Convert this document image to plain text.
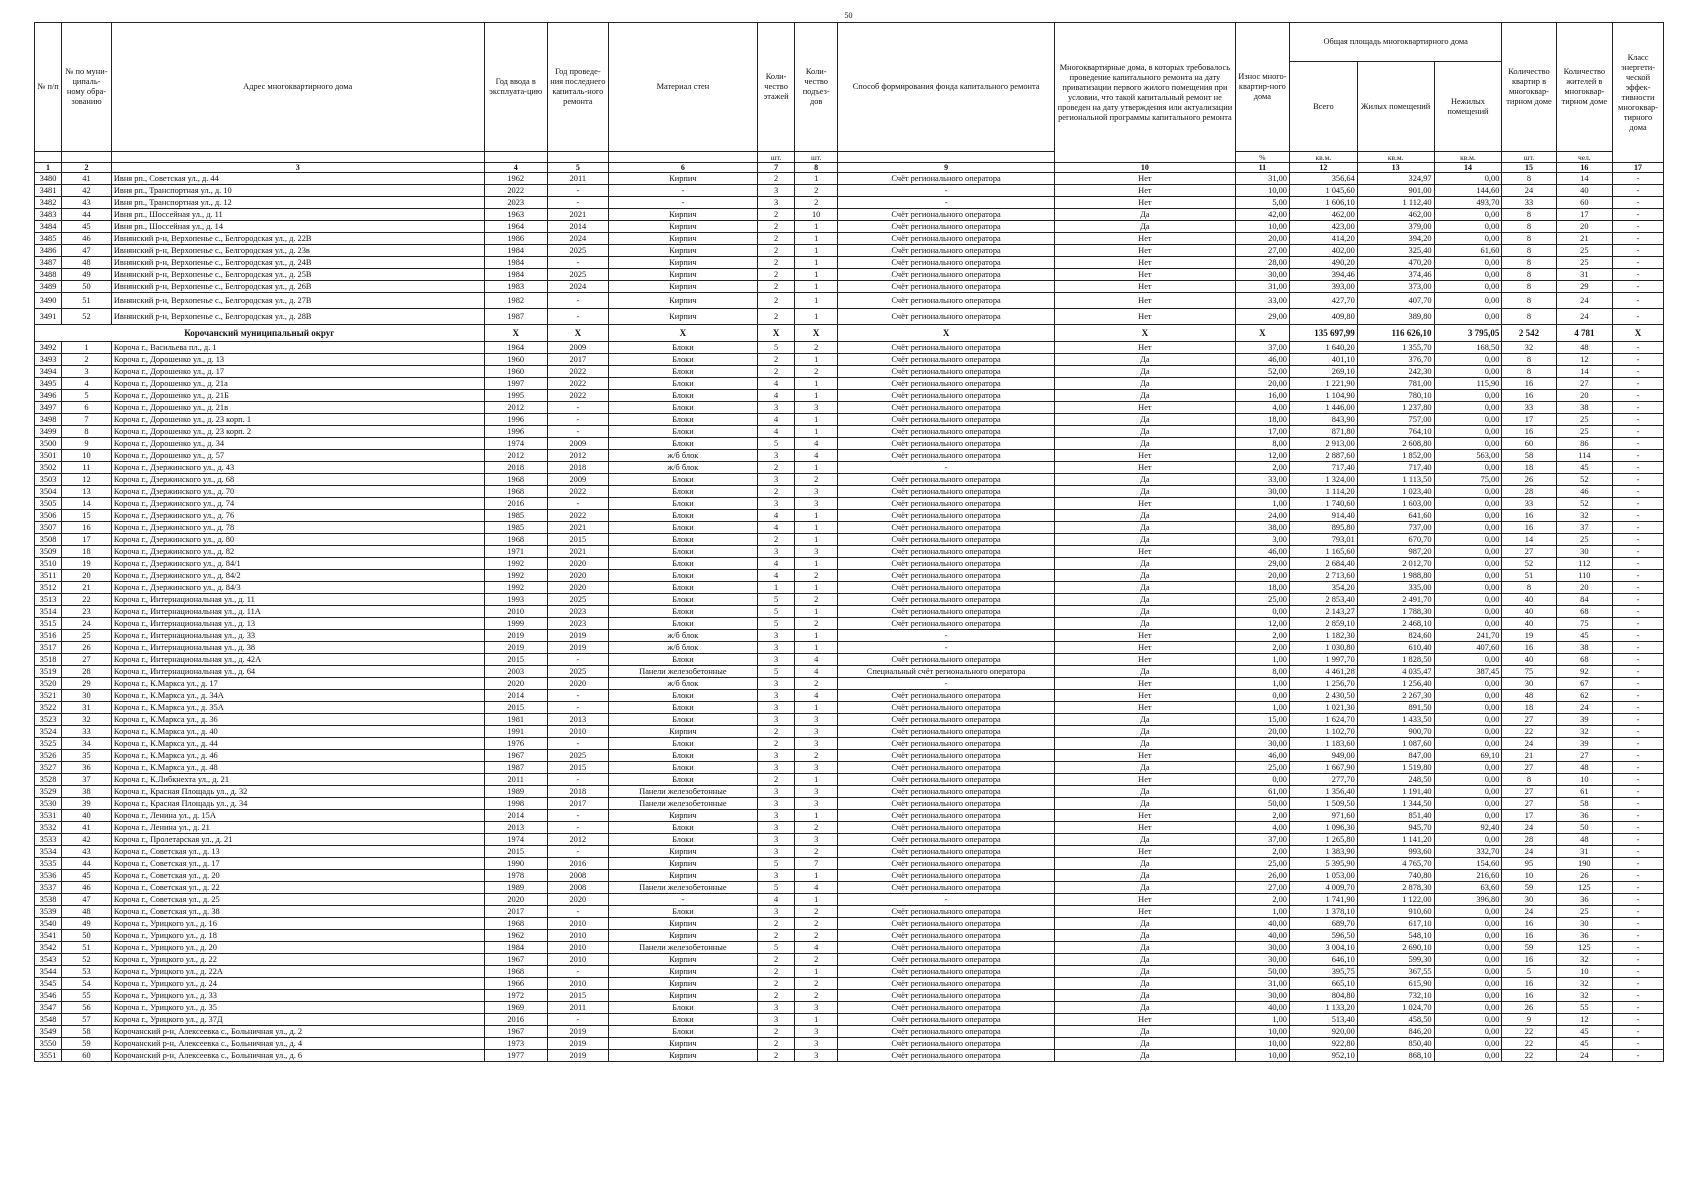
50
№ п/п	№ по муни-ципаль-ному обра-зованию	Адрес многоквартирного дома	Год ввода в эксплуата-цию	Год проведе-ния последнего капиталь-ного ремонта	Материал стен	Коли-чество этажей	Коли-чество подъез-дов	Способ формирования фонда капитального ремонта	Многоквартирные дома, в которых требовалось проведение капитального ремонта на дату приватизации первого жилого помещения при условии, что такой капитальный ремонт не проведен на дату утверждения или актуализации региональной программы капитального ремонта	Износ много-квартир-ного дома	Общая площадь многоквартирного дома			Количество квартир в многоквар-тирном доме	Количество жителей в многоквар-тирном доме	Класс энергети-ческой эффек-тивности многоквар-тирного дома
											Всего	Жилых помещений	Нежилых помещений			
						шт.	шт.			%	кв.м.	кв.м.	кв.м.	шт.	чел.	
1	2	3	4	5	6	7	8	9	10	11	12	13	14	15	16	17
3480	41	Ивня рп., Советская ул., д. 44	1962	2011	Кирпич	2	1	Счёт регионального оператора	Нет	31,00	356,64	324,97	0,00	8	14	-
3481	42	Ивня рп., Транспортная ул., д. 10	2022	-	-	3	2	-	Нет	10,00	1 045,60	901,00	144,60	24	40	-
3482	43	Ивня рп., Транспортная ул., д. 12	2023	-	-	3	2	-	Нет	5,00	1 606,10	1 112,40	493,70	33	60	-
3483	44	Ивня рп., Шоссейная ул., д. 11	1963	2021	Кирпич	2	10	Счёт регионального оператора	Да	42,00	462,00	462,00	0,00	8	17	-
3484	45	Ивня рп., Шоссейная ул., д. 14	1964	2014	Кирпич	2	1	Счёт регионального оператора	Да	10,00	423,00	379,00	0,00	8	20	-
3485	46	Ивнянский р-н, Верхопенье с., Белгородская ул., д. 22В	1986	2024	Кирпич	2	1	Счёт регионального оператора	Нет	20,00	414,20	394,20	0,00	8	21	-
3486	47	Ивнянский р-н, Верхопенье с., Белгородская ул., д. 23в	1984	2025	Кирпич	2	1	Счёт регионального оператора	Нет	27,00	402,00	325,40	61,60	8	25	-
3487	48	Ивнянский р-н, Верхопенье с., Белгородская ул., д. 24В	1984	-	Кирпич	2	1	Счёт регионального оператора	Нет	28,00	490,20	470,20	0,00	8	25	-
3488	49	Ивнянский р-н, Верхопенье с., Белгородская ул., д. 25В	1984	2025	Кирпич	2	1	Счёт регионального оператора	Нет	30,00	394,46	374,46	0,00	8	31	-
3489	50	Ивнянский р-н, Верхопенье с., Белгородская ул., д. 26В	1983	2024	Кирпич	2	1	Счёт регионального оператора	Нет	31,00	393,00	373,00	0,00	8	29	-
3490	51	Ивнянский р-н, Верхопенье с., Белгородская ул., д. 27В	1982	-	Кирпич	2	1	Счёт регионального оператора	Нет	33,00	427,70	407,70	0,00	8	24	-
3491	52	Ивнянский р-н, Верхопенье с., Белгородская ул., д. 28В	1987	-	Кирпич	2	1	Счёт регионального оператора	Нет	29,00	409,80	389,80	0,00	8	24	-
Корочанский муниципальный округ			X	X	X	X	X	X	X	X	135 697,99	116 626,10	3 795,05	2 542	4 781	X
3492	1	Короча г., Васильева пл., д. 1	1964	2009	Блоки	5	2	Счёт регионального оператора	Нет	37,00	1 640,20	1 355,70	168,50	32	48	-
3493	2	Короча г., Дорошенко ул., д. 13	1960	2017	Блоки	2	1	Счёт регионального оператора	Да	46,00	401,10	376,70	0,00	8	12	-
3494	3	Короча г., Дорошенко ул., д. 17	1960	2022	Блоки	2	2	Счёт регионального оператора	Да	52,00	269,10	242,30	0,00	8	14	-
3495	4	Короча г., Дорошенко ул., д. 21а	1997	2022	Блоки	4	1	Счёт регионального оператора	Да	20,00	1 221,90	781,00	115,90	16	27	-
3496	5	Короча г., Дорошенко ул., д. 21Б	1995	2022	Блоки	4	1	Счёт регионального оператора	Да	16,00	1 104,90	780,10	0,00	16	20	-
3497	6	Короча г., Дорошенко ул., д. 21в	2012	-	Блоки	3	3	Счёт регионального оператора	Нет	4,00	1 446,00	1 237,80	0,00	33	38	-
3498	7	Короча г., Дорошенко ул., д. 23 корп. 1	1996	-	Блоки	4	1	Счёт регионального оператора	Да	18,00	843,90	757,00	0,00	17	25	-
3499	8	Короча г., Дорошенко ул., д. 23 корп. 2	1996	-	Блоки	4	1	Счёт регионального оператора	Да	17,00	871,80	764,10	0,00	16	25	-
3500	9	Короча г., Дорошенко ул., д. 34	1974	2009	Блоки	5	4	Счёт регионального оператора	Да	8,00	2 913,00	2 608,80	0,00	60	86	-
3501	10	Короча г., Дорошенко ул., д. 57	2012	2012	ж/б блок	3	4	Счёт регионального оператора	Нет	12,00	2 887,60	1 852,00	563,00	58	114	-
3502	11	Короча г., Дзержинского ул., д. 43	2018	2018	ж/б блок	2	1	-	Нет	2,00	717,40	717,40	0,00	18	45	-
3503	12	Короча г., Дзержинского ул., д. 68	1968	2009	Блоки	3	2	Счёт регионального оператора	Да	33,00	1 324,00	1 113,50	75,00	26	52	-
3504	13	Короча г., Дзержинского ул., д. 70	1968	2022	Блоки	2	3	Счёт регионального оператора	Да	30,00	1 114,20	1 023,40	0,00	28	46	-
3505	14	Короча г., Дзержинского ул., д. 74	2016	-	Блоки	3	3	Счёт регионального оператора	Нет	1,00	1 740,60	1 603,00	0,00	33	52	-
3506	15	Короча г., Дзержинского ул., д. 76	1985	2022	Блоки	4	1	Счёт регионального оператора	Да	24,00	914,40	641,60	0,00	16	32	-
3507	16	Короча г., Дзержинского ул., д. 78	1985	2021	Блоки	4	1	Счёт регионального оператора	Да	38,00	895,80	737,00	0,00	16	37	-
3508	17	Короча г., Дзержинского ул., д. 80	1968	2015	Блоки	2	1	Счёт регионального оператора	Да	3,00	793,01	670,70	0,00	14	25	-
3509	18	Короча г., Дзержинского ул., д. 82	1971	2021	Блоки	3	3	Счёт регионального оператора	Нет	46,00	1 165,60	987,20	0,00	27	30	-
3510	19	Короча г., Дзержинского ул., д. 84/1	1992	2020	Блоки	4	1	Счёт регионального оператора	Да	29,00	2 684,40	2 012,70	0,00	52	112	-
3511	20	Короча г., Дзержинского ул., д. 84/2	1992	2020	Блоки	4	2	Счёт регионального оператора	Да	20,00	2 713,60	1 988,80	0,00	51	110	-
3512	21	Короча г., Дзержинского ул., д. 84/3	1992	2020	Блоки	1	1	Счёт регионального оператора	Да	18,00	354,20	335,00	0,00	8	20	-
3513	22	Короча г., Интернациональная ул., д. 11	1993	2025	Блоки	5	2	Счёт регионального оператора	Да	25,00	2 853,40	2 491,70	0,00	40	84	-
3514	23	Короча г., Интернациональная ул., д. 11А	2010	2023	Блоки	5	1	Счёт регионального оператора	Да	0,00	2 143,27	1 788,30	0,00	40	68	-
3515	24	Короча г., Интернациональная ул., д. 13	1999	2023	Блоки	5	2	Счёт регионального оператора	Да	12,00	2 859,10	2 468,10	0,00	40	75	-
3516	25	Короча г., Интернациональная ул., д. 33	2019	2019	ж/б блок	3	1	-	Нет	2,00	1 182,30	824,60	241,70	19	45	-
3517	26	Короча г., Интернациональная ул., д. 38	2019	2019	ж/б блок	3	1	-	Нет	2,00	1 030,80	610,40	407,60	16	38	-
3518	27	Короча г., Интернациональная ул., д. 42А	2015	-	Блоки	3	4	Счёт регионального оператора	Нет	1,00	1 997,70	1 828,50	0,00	40	68	-
3519	28	Короча г., Интернациональная ул., д. 64	2003	2025	Панели железобетонные	5	4	Специальный счёт регионального оператора	Да	8,00	4 461,28	4 035,47	387,45	75	92	-
3520	29	Короча г., К.Маркса ул., д. 17	2020	2020	ж/б блок	3	2	-	Нет	1,00	1 256,70	1 256,40	0,00	30	67	-
3521	30	Короча г., К.Маркса ул., д. 34А	2014	-	Блоки	3	4	Счёт регионального оператора	Нет	0,00	2 430,50	2 267,30	0,00	48	62	-
3522	31	Короча г., К.Маркса ул., д. 35А	2015	-	Блоки	3	1	Счёт регионального оператора	Нет	1,00	1 021,30	891,50	0,00	18	24	-
3523	32	Короча г., К.Маркса ул., д. 36	1981	2013	Блоки	3	3	Счёт регионального оператора	Да	15,00	1 624,70	1 433,50	0,00	27	39	-
3524	33	Короча г., К.Маркса ул., д. 40	1991	2010	Кирпич	2	3	Счёт регионального оператора	Да	20,00	1 102,70	900,70	0,00	22	32	-
3525	34	Короча г., К.Маркса ул., д. 44	1976	-	Блоки	2	3	Счёт регионального оператора	Да	30,00	1 183,60	1 087,60	0,00	24	39	-
3526	35	Короча г., К.Маркса ул., д. 46	1967	2025	Блоки	3	2	Счёт регионального оператора	Нет	46,00	949,00	847,00	69,10	21	27	-
3527	36	Короча г., К.Маркса ул., д. 48	1987	2015	Блоки	3	3	Счёт регионального оператора	Да	25,00	1 667,90	1 519,80	0,00	27	48	-
3528	37	Короча г., К.Либкнехта ул., д. 21	2011	-	Блоки	2	1	Счёт регионального оператора	Нет	0,00	277,70	248,50	0,00	8	10	-
3529	38	Короча г., Красная Площадь ул., д. 32	1989	2018	Панели железобетонные	3	3	Счёт регионального оператора	Да	61,00	1 356,40	1 191,40	0,00	27	61	-
3530	39	Короча г., Красная Площадь ул., д. 34	1998	2017	Панели железобетонные	3	3	Счёт регионального оператора	Да	50,00	1 509,50	1 344,50	0,00	27	58	-
3531	40	Короча г., Ленина ул., д. 15А	2014	-	Кирпич	3	1	Счёт регионального оператора	Нет	2,00	971,60	851,40	0,00	17	36	-
3532	41	Короча г., Ленина ул., д. 21	2013	-	Блоки	3	2	Счёт регионального оператора	Нет	4,00	1 096,30	945,70	92,40	24	50	-
3533	42	Короча г., Пролетарская ул., д. 21	1974	2012	Блоки	3	3	Счёт регионального оператора	Да	37,00	1 265,80	1 141,20	0,00	28	48	-
3534	43	Короча г., Советская ул., д. 13	2015	-	Кирпич	3	2	Счёт регионального оператора	Нет	2,00	1 383,90	993,60	332,70	24	31	-
3535	44	Короча г., Советская ул., д. 17	1990	2016	Кирпич	5	7	Счёт регионального оператора	Да	25,00	5 395,90	4 765,70	154,60	95	190	-
3536	45	Короча г., Советская ул., д. 20	1978	2008	Кирпич	3	1	Счёт регионального оператора	Да	26,00	1 053,00	740,80	216,60	10	26	-
3537	46	Короча г., Советская ул., д. 22	1989	2008	Панели железобетонные	5	4	Счёт регионального оператора	Да	27,00	4 009,70	2 878,30	63,60	59	125	-
3538	47	Короча г., Советская ул., д. 25	2020	2020	-	4	1	-	Нет	2,00	1 741,90	1 122,00	396,80	30	36	-
3539	48	Короча г., Советская ул., д. 38	2017	-	Блоки	3	2	Счёт регионального оператора	Нет	1,00	1 378,10	910,60	0,00	24	25	-
3540	49	Короча г., Урицкого ул., д. 16	1968	2010	Кирпич	2	2	Счёт регионального оператора	Да	40,00	689,70	617,10	0,00	16	30	-
3541	50	Короча г., Урицкого ул., д. 18	1962	2010	Кирпич	2	2	Счёт регионального оператора	Да	40,00	596,50	548,10	0,00	16	36	-
3542	51	Короча г., Урицкого ул., д. 20	1984	2010	Панели железобетонные	5	4	Счёт регионального оператора	Да	30,00	3 004,10	2 690,10	0,00	59	125	-
3543	52	Короча г., Урицкого ул., д. 22	1967	2010	Кирпич	2	2	Счёт регионального оператора	Да	30,00	646,10	599,30	0,00	16	32	-
3544	53	Короча г., Урицкого ул., д. 22А	1968	-	Кирпич	2	1	Счёт регионального оператора	Да	50,00	395,75	367,55	0,00	5	10	-
3545	54	Короча г., Урицкого ул., д. 24	1966	2010	Кирпич	2	2	Счёт регионального оператора	Да	31,00	665,10	615,90	0,00	16	32	-
3546	55	Короча г., Урицкого ул., д. 33	1972	2015	Кирпич	2	2	Счёт регионального оператора	Да	30,00	804,80	732,10	0,00	16	32	-
3547	56	Короча г., Урицкого ул., д. 35	1969	2011	Блоки	3	3	Счёт регионального оператора	Да	40,00	1 133,20	1 024,70	0,00	26	55	-
3548	57	Короча г., Урицкого ул., д. 37Д	2016	-	Блоки	3	1	Счёт регионального оператора	Нет	1,00	513,40	458,50	0,00	9	12	-
3549	58	Корочанский р-н, Алексеевка с., Больничная ул., д. 2	1967	2019	Блоки	2	3	Счёт регионального оператора	Да	10,00	920,00	846,20	0,00	22	45	-
3550	59	Корочанский р-н, Алексеевка с., Больничная ул., д. 4	1973	2019	Кирпич	2	3	Счёт регионального оператора	Да	10,00	922,80	850,40	0,00	22	45	-
3551	60	Корочанский р-н, Алексеевка с., Больничная ул., д. 6	1977	2019	Кирпич	2	3	Счёт регионального оператора	Да	10,00	952,10	868,10	0,00	22	24	-
